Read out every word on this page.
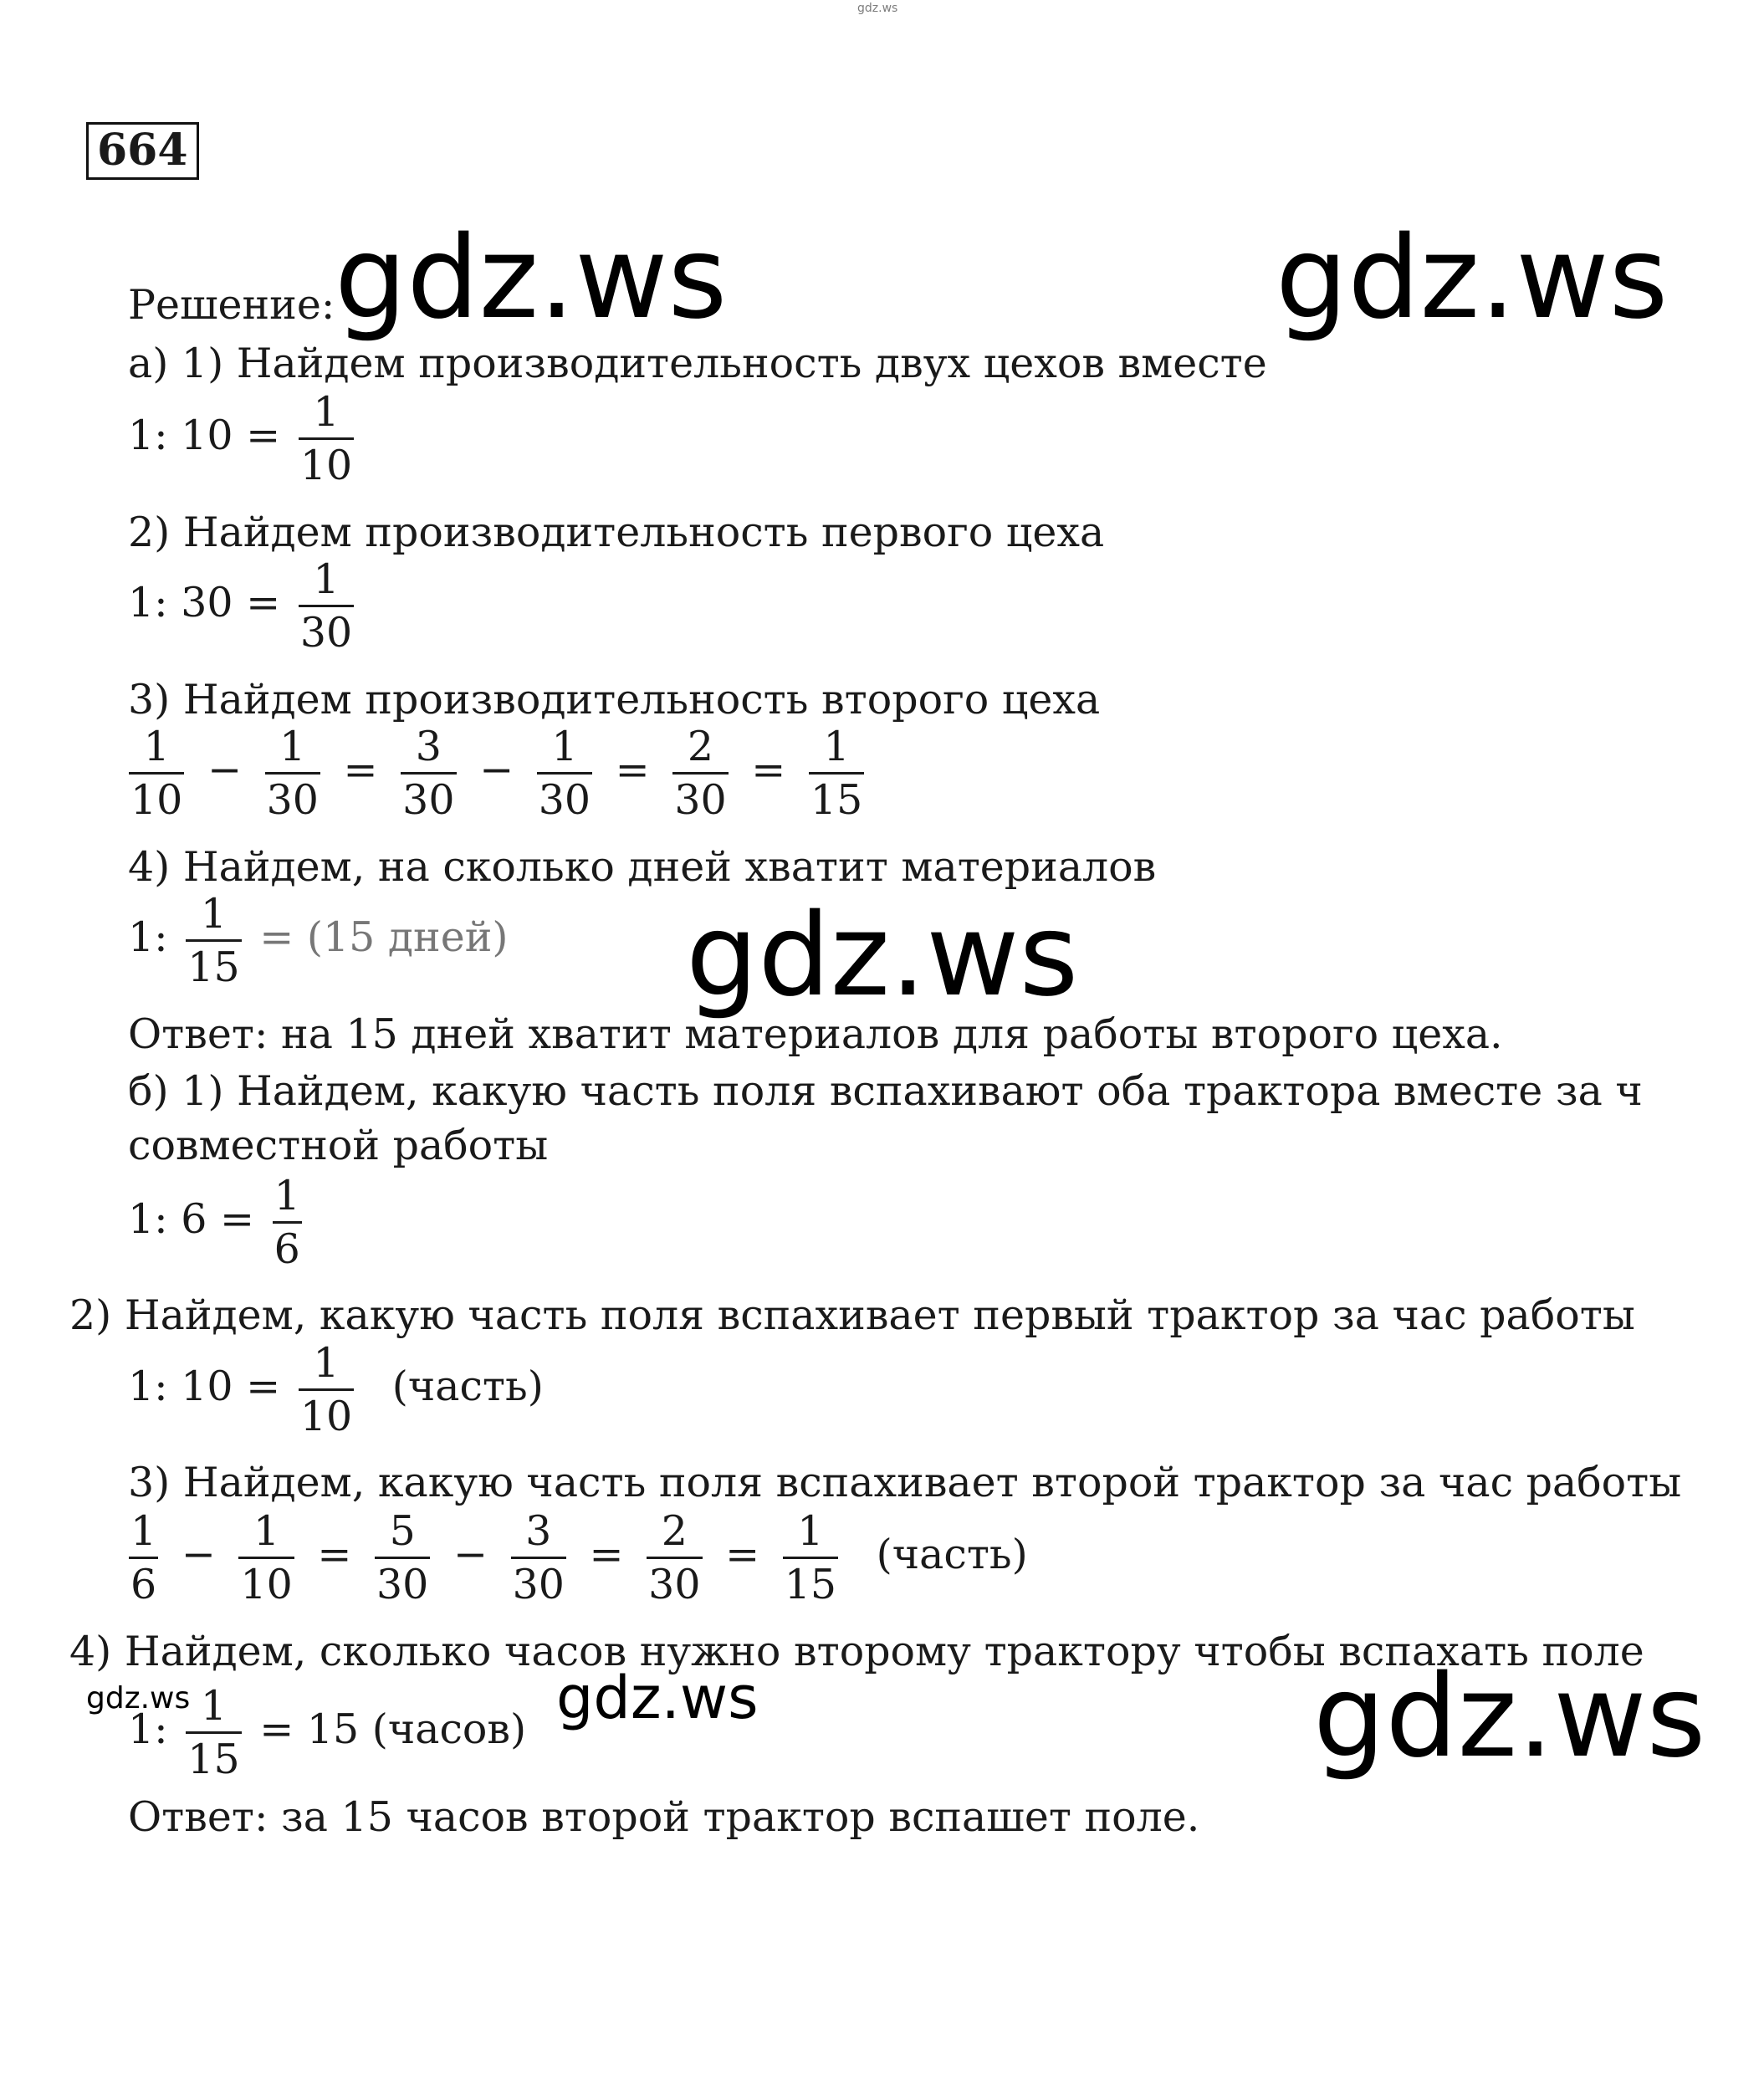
gdz.ws
664
Решение: gdz.ws	gdz.ws
gdz.ws
gdz.ws
gdz.ws
gdz.ws
а) 1) Найдем производительность двух цехов вместе
1: $10 = \frac{1}{10}$
2) Найдем производительность первого цеха
1: $30 = \frac{1}{30}$
3) Найдем производительность второго цеха
$\frac{1}{10} - \frac{1}{30} = \frac{3}{30} - \frac{1}{30} = \frac{2}{30} = \frac{1}{15}$
4) Найдем, на сколько дней хватит материалов
1: $\frac{1}{15} = (15$ дней)
Ответ: на 15 дней хватит материалов для работы второго цеха.
б) 1) Найдем, какую часть поля вспахивают оба трактора вместе за ч
совместной работы
1: $6 = \frac{1}{6}$
2) Найдем, какую часть поля вспахивает первый трактор за час работы
1: $10 = \frac{1}{10}$ (часть)
3) Найдем, какую часть поля вспахивает второй трактор за час работы
$\frac{1}{6} - \frac{1}{10} = \frac{5}{30} - \frac{3}{30} = \frac{2}{30} = \frac{1}{15}$ (часть)
4) Найдем, сколько часов нужно второму трактору чтобы вспахать поле
1: $\frac{1}{15} = 15$ (часов)
Ответ: за 15 часов второй трактор вспашет поле.
